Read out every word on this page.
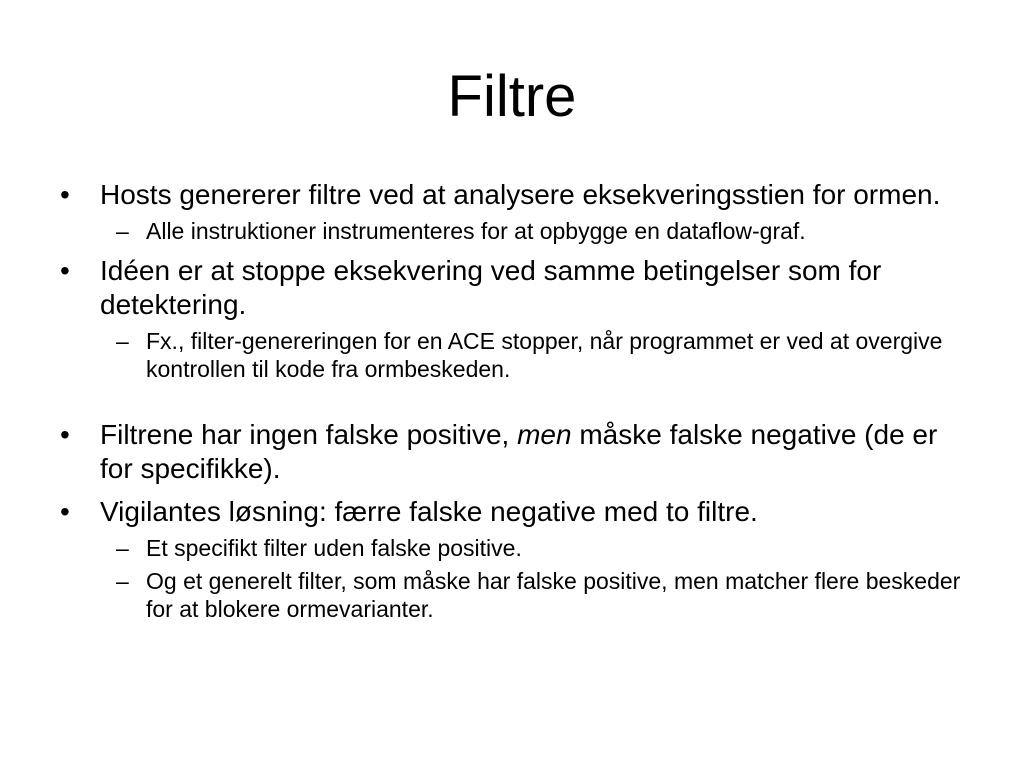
Filtre
•	Hosts genererer filtre ved at analysere eksekveringsstien for ormen.
– Alle instruktioner instrumenteres for at opbygge en dataflow-graf.
•	Idéen er at stoppe eksekvering ved samme betingelser som for detektering.
– Fx., filter-genereringen for en ACE stopper, når programmet er ved at overgive kontrollen til kode fra ormbeskeden.
•	Filtrene har ingen falske positive, men måske falske negative (de er for specifikke).
•	Vigilantes løsning: færre falske negative med to filtre.
– Et specifikt filter uden falske positive.
– Og et generelt filter, som måske har falske positive, men matcher flere beskeder for at blokere ormevarianter.
